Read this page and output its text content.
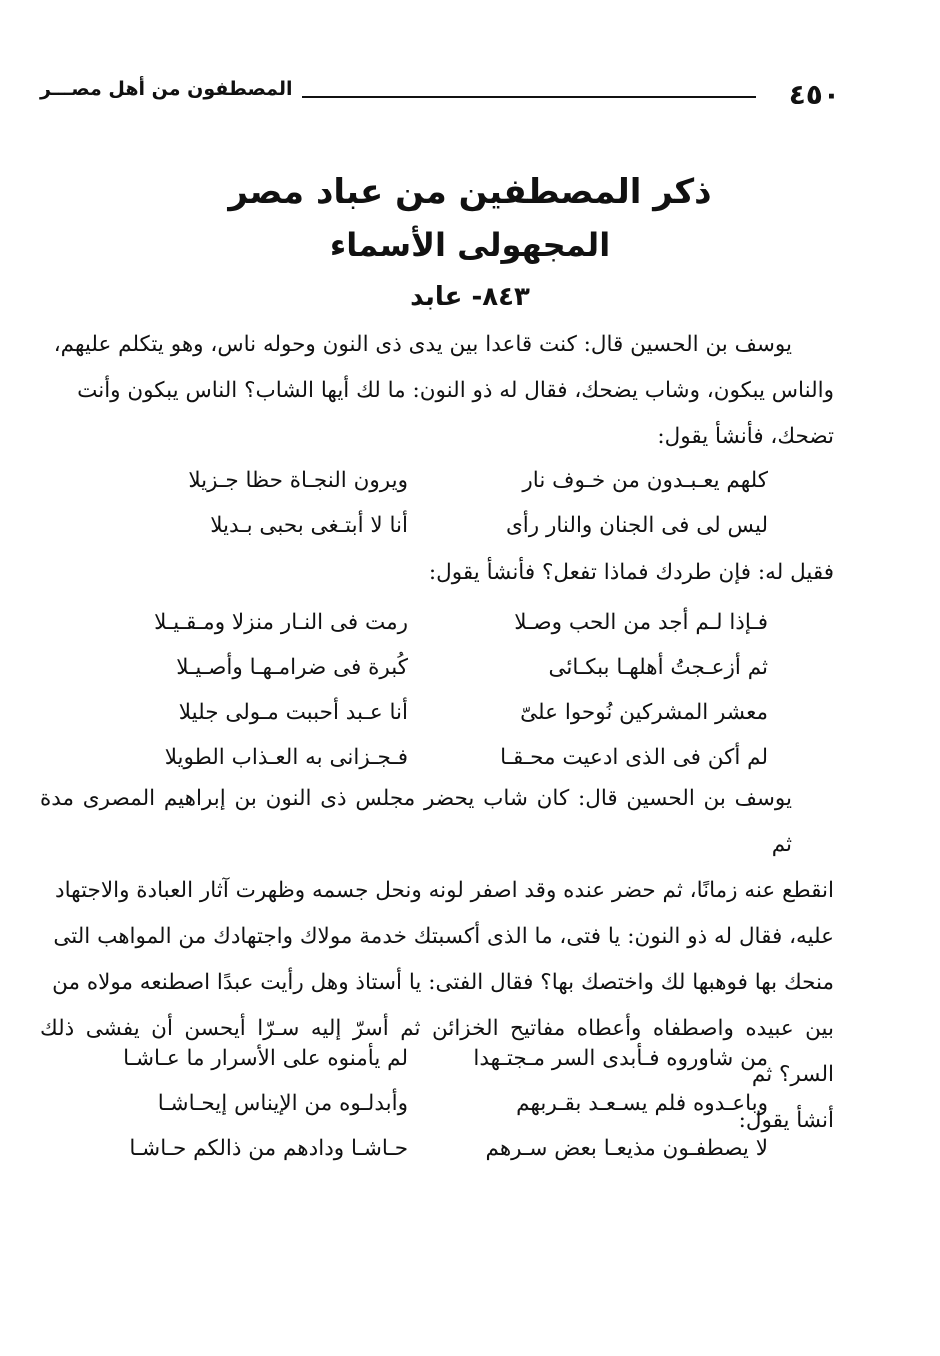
٤٥٠
المصطفون من أهل مصـــر
ذكر المصطفين من عباد مصر
المجهولى الأسماء
٨٤٣- عابد
يوسف بن الحسين قال: كنت قاعدا بين يدى ذى النون وحوله ناس، وهو يتكلم عليهم،
والناس يبكون، وشاب يضحك، فقال له ذو النون: ما لك أيها الشاب؟ الناس يبكون وأنت
تضحك، فأنشأ يقول:
كلهم يعـبـدون من خـوف نار
ويرون النجـاة حظا جـزيلا
ليس لى فى الجنان والنار رأى
أنا لا أبتـغى بحبى بـديلا
فقيل له: فإن طردك فماذا تفعل؟ فأنشأ يقول:
فـإذا لـم أجد من الحب وصـلا
رمت فى النـار منزلا ومـقـيـلا
ثم أزعـجتُ أهلهـا ببكـائى
كُبرة فى ضرامـهـا وأصـيـلا
معشر المشركين نُوحوا علىّ
أنا عـبد أحببت مـولى جليلا
لم أكن فى الذى ادعيت محـقـا
فـجـزانى به العـذاب الطويلا
يوسف بن الحسين قال: كان شاب يحضر مجلس ذى النون بن إبراهيم المصرى مدة ثم
انقطع عنه زمانًا، ثم حضر عنده وقد اصفر لونه ونحل جسمه وظهرت آثار العبادة والاجتهاد
عليه، فقال له ذو النون: يا فتى، ما الذى أكسبتك خدمة مولاك واجتهادك من المواهب التى
منحك بها فوهبها لك واختصك بها؟ فقال الفتى: يا أستاذ وهل رأيت عبدًا اصطنعه مولاه من
بين عبيده واصطفاه وأعطاه مفاتيح الخزائن ثم أسرّ إليه سـرّا أيحسن أن يفشى ذلك السر؟ ثم
أنشأ يقول:
من شاوروه فـأبدى السر مـجتـهدا
لم يأمنوه على الأسرار ما عـاشـا
وباعـدوه فلم يسـعـد بقـربهم
وأبدلـوه من الإيناس إيحـاشـا
لا يصطفـون مذيعـا بعض سـرهم
حـاشـا ودادهم من ذالكم حـاشـا
